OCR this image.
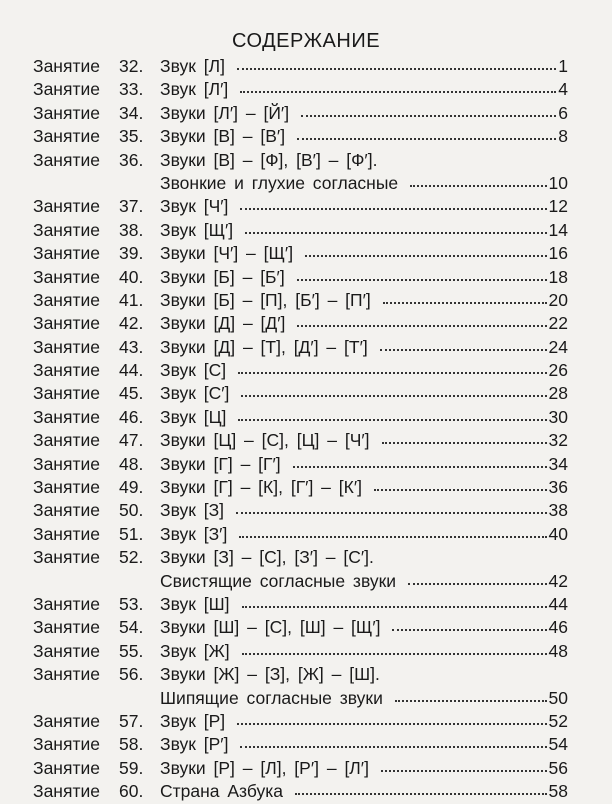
СОДЕРЖАНИЕ
Занятие 32. Звук [Л]	1
Занятие 33. Звук [Л′]	4
Занятие 34. Звуки [Л′] – [Й′]	6
Занятие 35. Звуки [В] – [В′]	8
Занятие 36. Звуки [В] – [Ф], [В′] – [Ф′].
Звонкие и глухие согласные	10
Занятие 37. Звук [Ч′]	12
Занятие 38. Звук [Щ′]	14
Занятие 39. Звуки [Ч′] – [Щ′]	16
Занятие 40. Звуки [Б] – [Б′]	18
Занятие 41. Звуки [Б] – [П], [Б′] – [П′]	20
Занятие 42. Звуки [Д] – [Д′]	22
Занятие 43. Звуки [Д] – [Т], [Д′] – [Т′]	24
Занятие 44. Звук [С]	26
Занятие 45. Звук [С′]	28
Занятие 46. Звук [Ц]	30
Занятие 47. Звуки [Ц] – [С], [Ц] – [Ч′]	32
Занятие 48. Звуки [Г] – [Г′]	34
Занятие 49. Звуки [Г] – [К], [Г′] – [К′]	36
Занятие 50. Звук [З]	38
Занятие 51. Звук [З′]	40
Занятие 52. Звуки [З] – [С], [З′] – [С′].
Свистящие согласные звуки	42
Занятие 53. Звук [Ш]	44
Занятие 54. Звуки [Ш] – [С], [Ш] – [Щ′]	46
Занятие 55. Звук [Ж]	48
Занятие 56. Звуки [Ж] – [З], [Ж] – [Ш].
Шипящие согласные звуки	50
Занятие 57. Звук [Р]	52
Занятие 58. Звук [Р′]	54
Занятие 59. Звуки [Р] – [Л], [Р′] – [Л′]	56
Занятие 60. Страна Азбука	58
